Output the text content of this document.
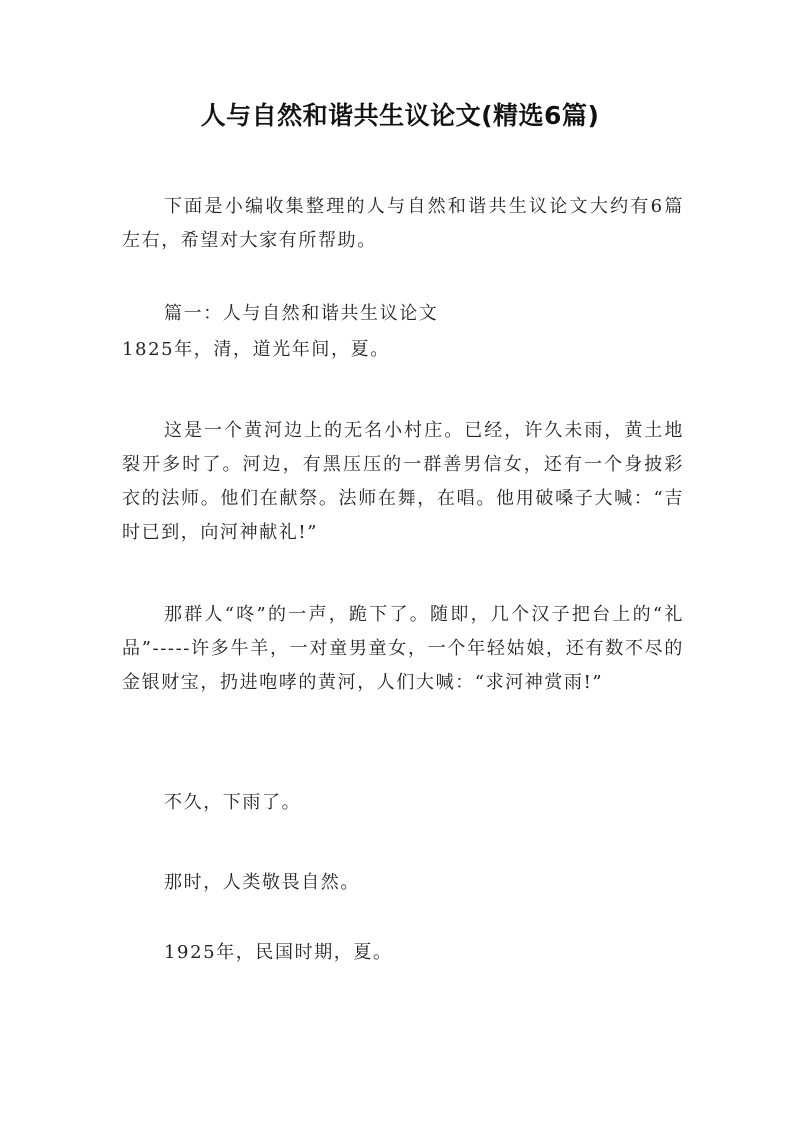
人与自然和谐共生议论文(精选6篇)

下面是小编收集整理的人与自然和谐共生议论文大约有6篇左右，希望对大家有所帮助。

篇一：人与自然和谐共生议论文

1825年，清，道光年间，夏。

这是一个黄河边上的无名小村庄。已经，许久未雨，黄土地裂开多时了。河边，有黑压压的一群善男信女，还有一个身披彩衣的法师。他们在献祭。法师在舞，在唱。他用破嗓子大喊：“吉时已到，向河神献礼!”

那群人“咚”的一声，跪下了。随即，几个汉子把台上的“礼品”-----许多牛羊，一对童男童女，一个年轻姑娘，还有数不尽的金银财宝，扔进咆哮的黄河，人们大喊：“求河神赏雨!”

不久，下雨了。

那时，人类敬畏自然。

1925年，民国时期，夏。
